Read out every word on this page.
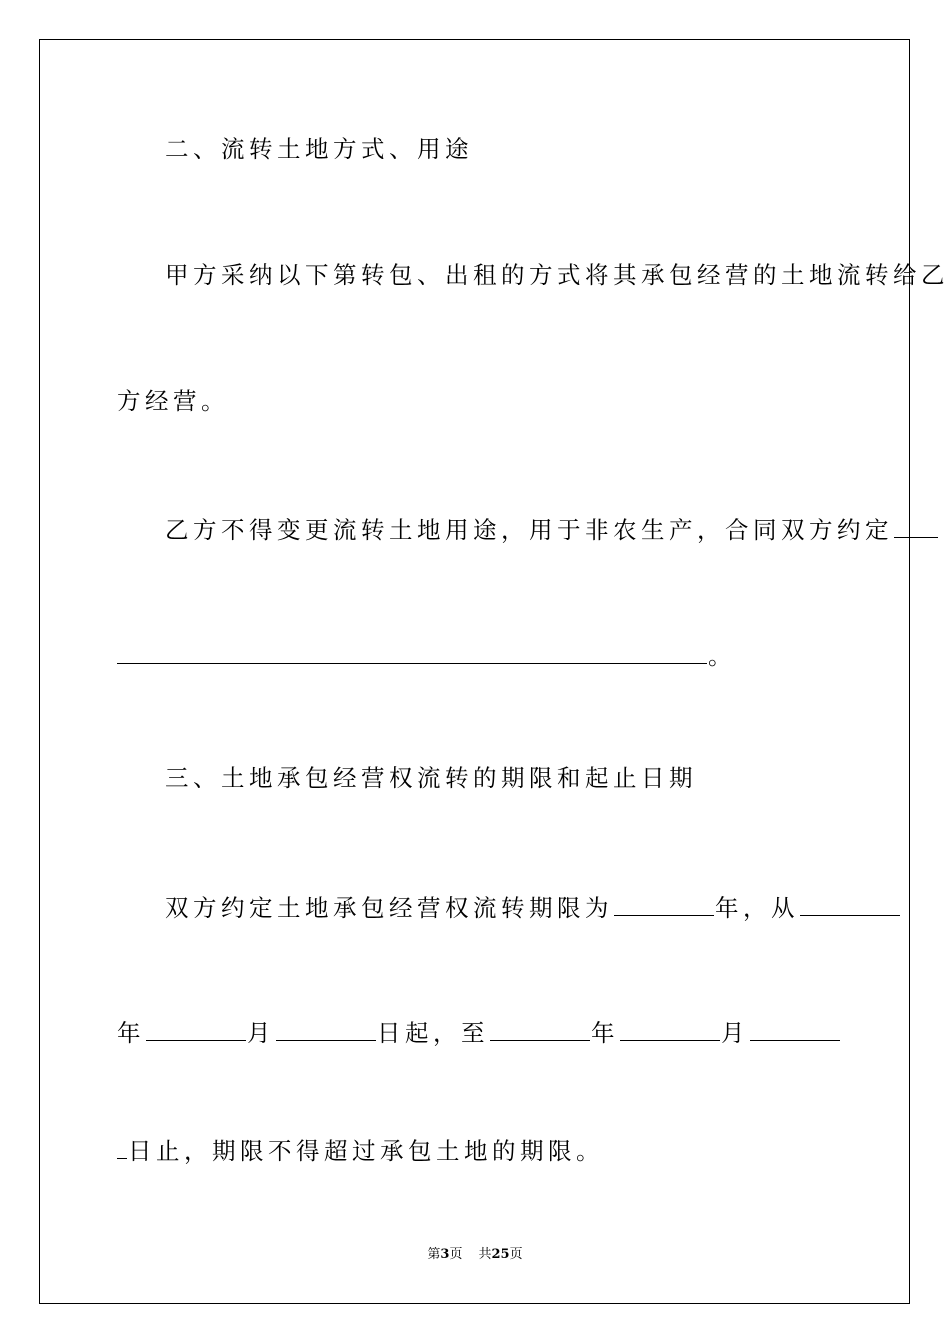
二、流转土地方式、用途
甲方采纳以下第转包、出租的方式将其承包经营的土地流转给乙
方经营。
乙方不得变更流转土地用途，用于非农生产，合同双方约定
。
三、土地承包经营权流转的期限和起止日期
双方约定土地承包经营权流转期限为	年，从
年	月	日起，至	年	月
日止，期限不得超过承包土地的期限。
第3页 共25页
